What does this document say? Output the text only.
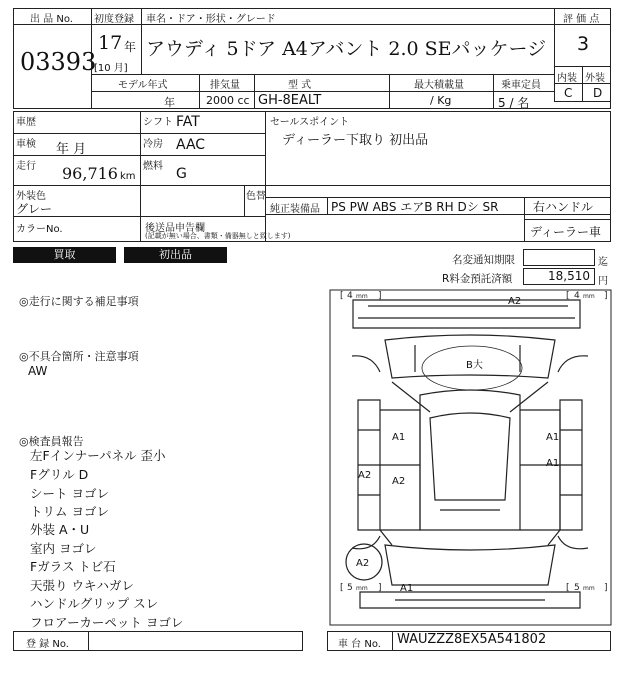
出 品 No.
03393
初度登録 車名・ドア・形状・グレード
17 年
[10 月]
アウディ 5ドア A4アバント 2.0 SEパッケージ
評 価 点
3
内装 外装
C D
モデル年式	排気量	型 式	最大積載量	乗車定員
年	2000 cc GH-8EALT	/ Kg	5 / 名
車歴
車検 年 月
走行 96,716 km
シフト FAT
冷房 AAC
燃料 G
外装色
グレー
色替
カラーNo.	後送品申告欄
(記載が無い場合、書類・備器無しと致します)
セールスポイント
ディーラー下取り 初出品
純正装備品 PS PW ABS エアB RH Dシ SR	右ハンドル
ディーラー車
買取	初出品	名変通知期限	迄
R料金預託済額	18,510 円
◎走行に関する補足事項
◎不具合箇所・注意事項
AW
◎検査員報告
左Fインナーパネル 歪小
Fグリル D
シート ヨゴレ
トリム ヨゴレ
外装 A・U
室内 ヨゴレ
Fガラス トビ石
天張り ウキハガレ
ハンドルグリップ スレ
フロアーカーペット ヨゴレ
[ 4 mm ]	[ 4 mm ]
[ 5 mm ]	[ 5 mm ]
A2
B大
A1	A1
A1
A2
A2
A2
A1
登 録 No.	車 台 No. WAUZZZ8EX5A541802
